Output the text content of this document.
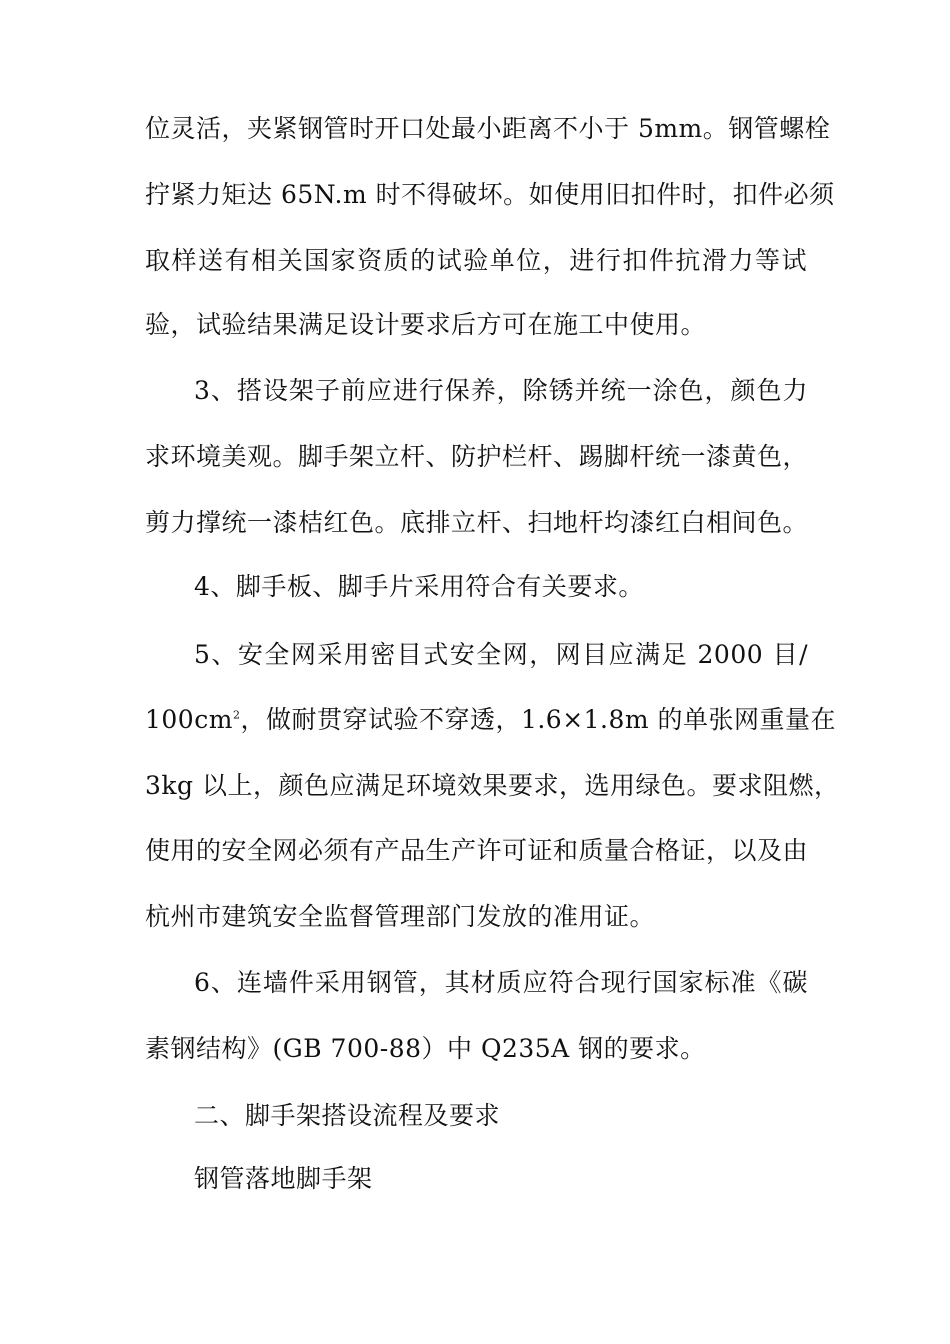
位灵活，夹紧钢管时开口处最小距离不小于 5mm。钢管螺栓
拧紧力矩达 65N.m 时不得破坏。如使用旧扣件时，扣件必须
取样送有相关国家资质的试验单位，进行扣件抗滑力等试
验，试验结果满足设计要求后方可在施工中使用。
3、搭设架子前应进行保养，除锈并统一涂色，颜色力
求环境美观。脚手架立杆、防护栏杆、踢脚杆统一漆黄色，
剪力撑统一漆桔红色。底排立杆、扫地杆均漆红白相间色。
4、脚手板、脚手片采用符合有关要求。
5、安全网采用密目式安全网，网目应满足 2000 目/
$100cm^2$，做耐贯穿试验不穿透，1.6×1.8m 的单张网重量在
3kg 以上，颜色应满足环境效果要求，选用绿色。要求阻燃，
使用的安全网必须有产品生产许可证和质量合格证，以及由
杭州市建筑安全监督管理部门发放的准用证。
6、连墙件采用钢管，其材质应符合现行国家标准《碳
素钢结构》(GB 700-88）中 Q235A 钢的要求。
二、脚手架搭设流程及要求
钢管落地脚手架
